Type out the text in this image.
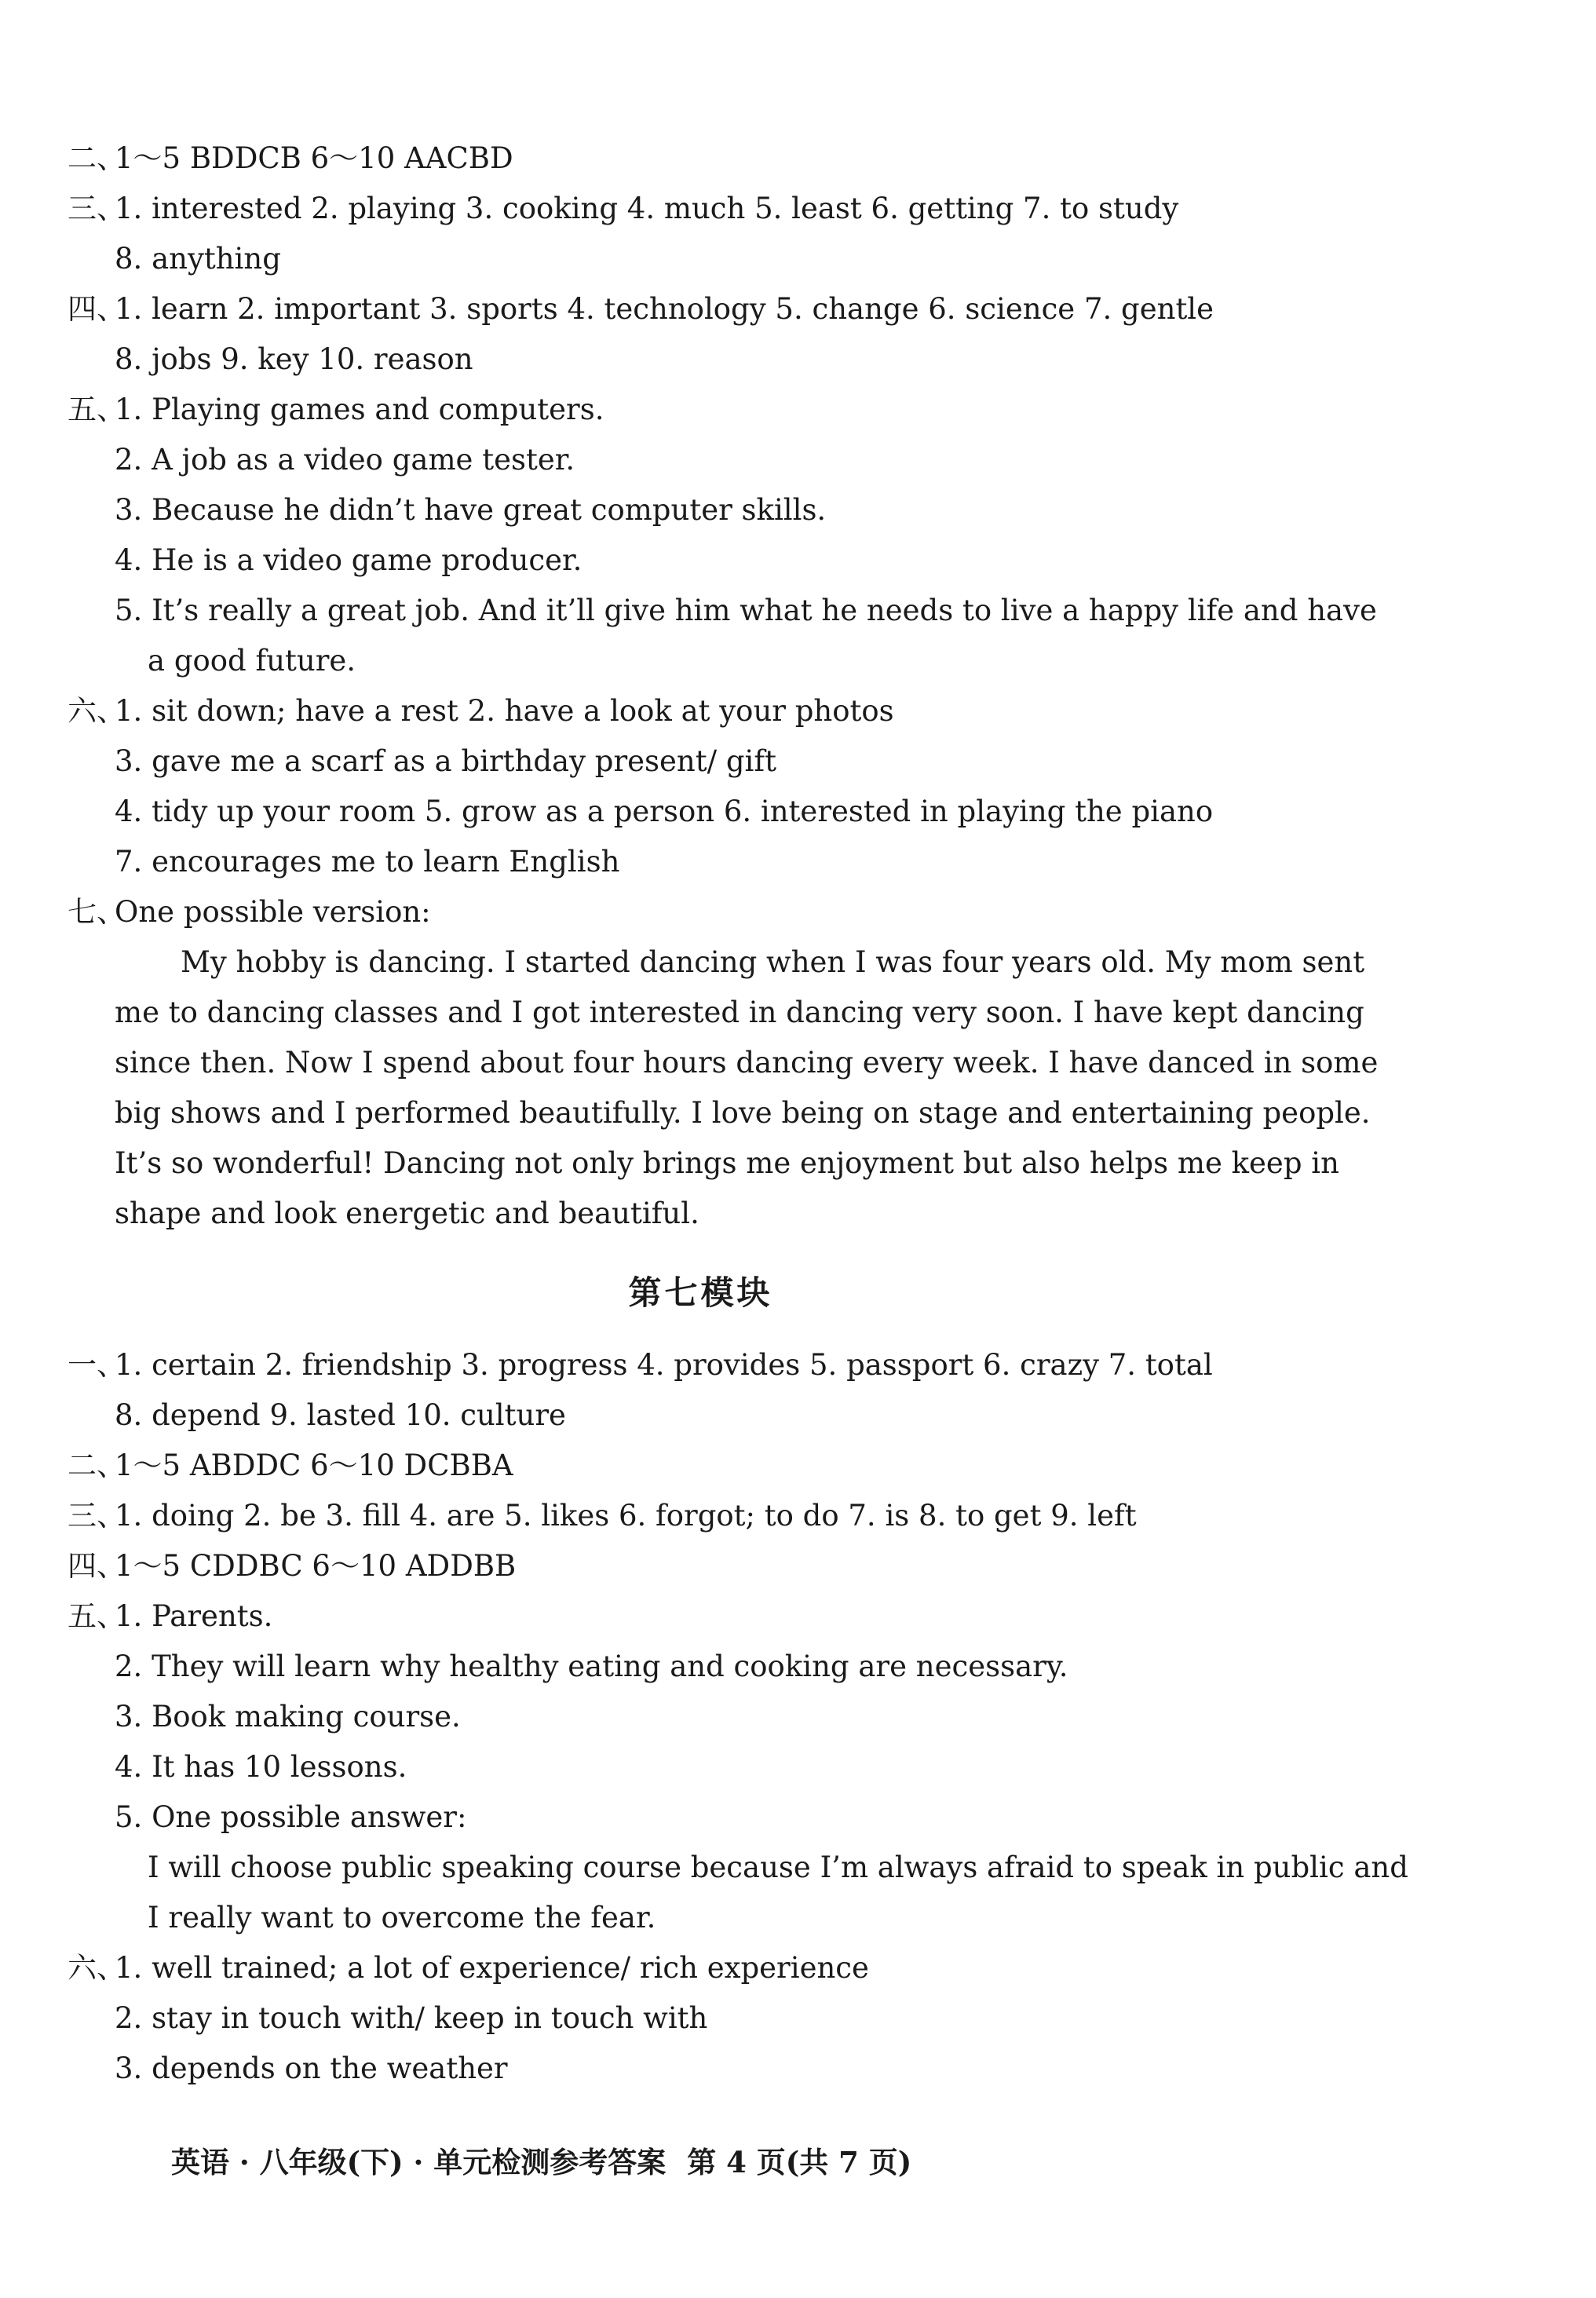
二、
1～5 BDDCB 6～10 AACBD
三、
1. interested 2. playing 3. cooking 4. much 5. least 6. getting 7. to study
8. anything
四、
1. learn 2. important 3. sports 4. technology 5. change 6. science 7. gentle
8. jobs 9. key 10. reason
五、
1. Playing games and computers.
2. A job as a video game tester.
3. Because he didn’t have great computer skills.
4. He is a video game producer.
5. It’s really a great job. And it’ll give him what he needs to live a happy life and have
a good future.
六、
1. sit down; have a rest 2. have a look at your photos
3. gave me a scarf as a birthday present/ gift
4. tidy up your room 5. grow as a person 6. interested in playing the piano
7. encourages me to learn English
七、
One possible version:
My hobby is dancing. I started dancing when I was four years old. My mom sent
me to dancing classes and I got interested in dancing very soon. I have kept dancing
since then. Now I spend about four hours dancing every week. I have danced in some
big shows and I performed beautifully. I love being on stage and entertaining people.
It’s so wonderful! Dancing not only brings me enjoyment but also helps me keep in
shape and look energetic and beautiful.
第七模块
一、
1. certain 2. friendship 3. progress 4. provides 5. passport 6. crazy 7. total
8. depend 9. lasted 10. culture
二、
1～5 ABDDC 6～10 DCBBA
三、
1. doing 2. be 3. fill 4. are 5. likes 6. forgot; to do 7. is 8. to get 9. left
四、
1～5 CDDBC 6～10 ADDBB
五、
1. Parents.
2. They will learn why healthy eating and cooking are necessary.
3. Book making course.
4. It has 10 lessons.
5. One possible answer:
I will choose public speaking course because I’m always afraid to speak in public and
I really want to overcome the fear.
六、
1. well trained; a lot of experience/ rich experience
2. stay in touch with/ keep in touch with
3. depends on the weather
英语 · 八年级(下) · 单元检测参考答案 第 4 页(共 7 页)
